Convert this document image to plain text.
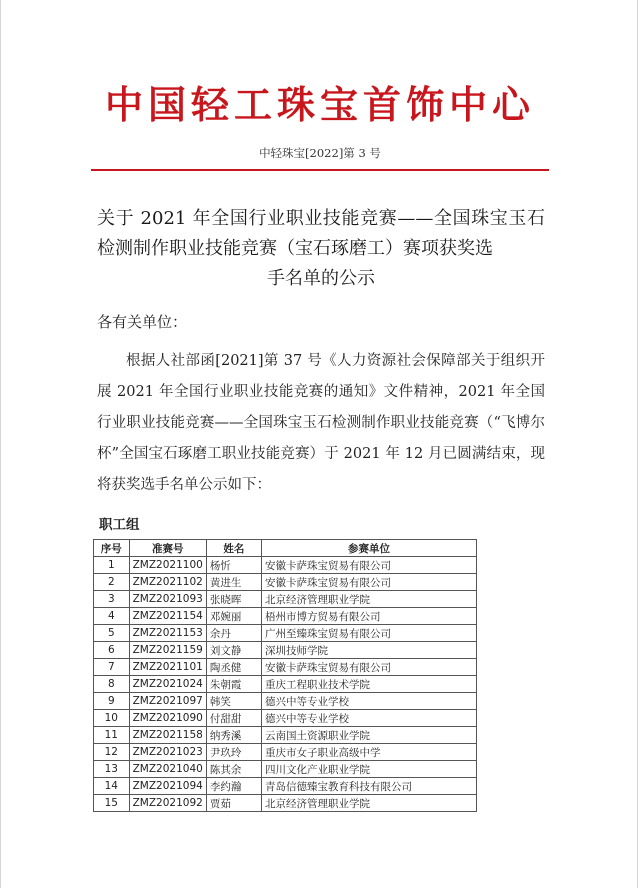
中国轻工珠宝首饰中心
中轻珠宝[2022]第 3 号
关于 2021 年全国行业职业技能竞赛——全国珠宝玉石检测制作职业技能竞赛（宝石琢磨工）赛项获奖选
手名单的公示
各有关单位：
根据人社部函[2021]第 37 号《人力资源社会保障部关于组织开展 2021 年全国行业职业技能竞赛的通知》文件精神，2021 年全国行业职业技能竞赛——全国珠宝玉石检测制作职业技能竞赛（“飞博尔杯”全国宝石琢磨工职业技能竞赛）于 2021 年 12 月已圆满结束，现将获奖选手名单公示如下：
职工组
序号	准赛号	姓名	参赛单位
1	ZMZ2021100	杨忻	安徽卡萨珠宝贸易有限公司
2	ZMZ2021102	黄进生	安徽卡萨珠宝贸易有限公司
3	ZMZ2021093	张晓晖	北京经济管理职业学院
4	ZMZ2021154	邓婉丽	梧州市博方贸易有限公司
5	ZMZ2021153	余丹	广州至臻珠宝贸易有限公司
6	ZMZ2021159	刘文静	深圳技师学院
7	ZMZ2021101	陶丞健	安徽卡萨珠宝贸易有限公司
8	ZMZ2021024	朱朝霞	重庆工程职业技术学院
9	ZMZ2021097	韩笑	德兴中等专业学校
10	ZMZ2021090	付甜甜	德兴中等专业学校
11	ZMZ2021158	纳秀溪	云南国土资源职业学院
12	ZMZ2021023	尹玖玲	重庆市女子职业高级中学
13	ZMZ2021040	陈其余	四川文化产业职业学院
14	ZMZ2021094	李约瀚	青岛信德臻宝教育科技有限公司
15	ZMZ2021092	贾茹	北京经济管理职业学院
